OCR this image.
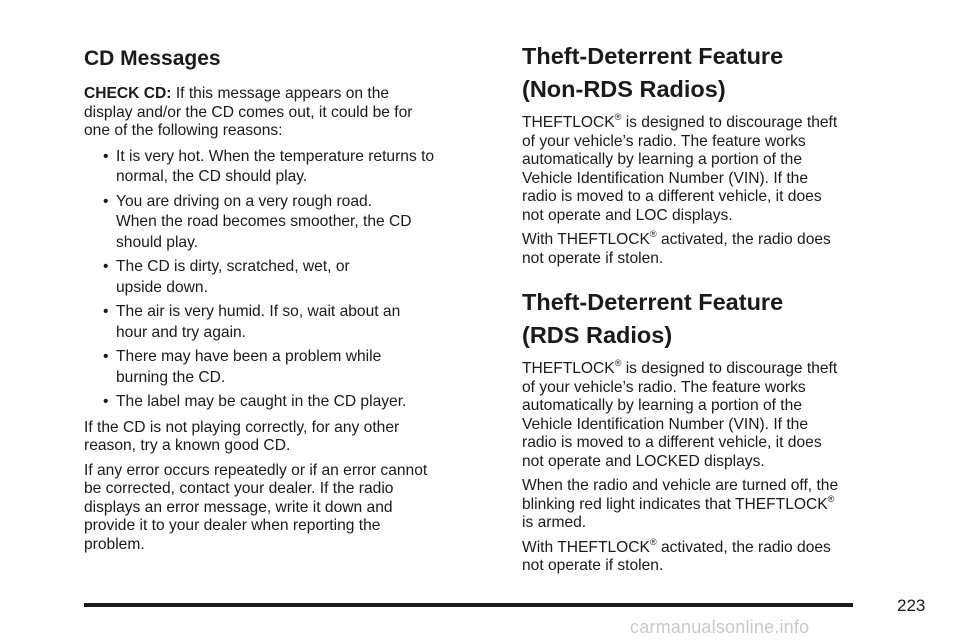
CD Messages

CHECK CD: If this message appears on the
display and/or the CD comes out, it could be for
one of the following reasons:

• It is very hot. When the temperature returns to
normal, the CD should play.
• You are driving on a very rough road.
When the road becomes smoother, the CD
should play.
• The CD is dirty, scratched, wet, or
upside down.
• The air is very humid. If so, wait about an
hour and try again.
• There may have been a problem while
burning the CD.
• The label may be caught in the CD player.

If the CD is not playing correctly, for any other
reason, try a known good CD.

If any error occurs repeatedly or if an error cannot
be corrected, contact your dealer. If the radio
displays an error message, write it down and
provide it to your dealer when reporting the
problem.

Theft-Deterrent Feature
(Non-RDS Radios)

THEFTLOCK® is designed to discourage theft
of your vehicle’s radio. The feature works
automatically by learning a portion of the
Vehicle Identification Number (VIN). If the
radio is moved to a different vehicle, it does
not operate and LOC displays.

With THEFTLOCK® activated, the radio does
not operate if stolen.

Theft-Deterrent Feature
(RDS Radios)

THEFTLOCK® is designed to discourage theft
of your vehicle’s radio. The feature works
automatically by learning a portion of the
Vehicle Identification Number (VIN). If the
radio is moved to a different vehicle, it does
not operate and LOCKED displays.

When the radio and vehicle are turned off, the
blinking red light indicates that THEFTLOCK®
is armed.

With THEFTLOCK® activated, the radio does
not operate if stolen.

223
carmanualsonline.info
